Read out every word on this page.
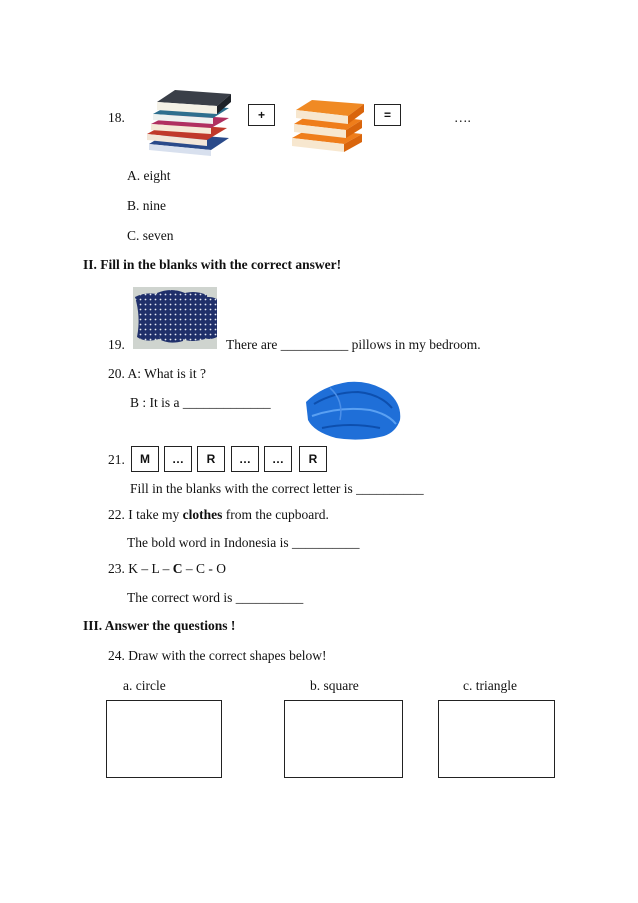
18.	+	=	….
A. eight
B. nine
C. seven
II. Fill in the blanks with the correct answer!
19.	There are __________ pillows in my bedroom.
20. A: What is it ?
B : It is a _____________
21.	M	…	R	…	…	R
Fill in the blanks with the correct letter is __________
22. I take my clothes from the cupboard.
The bold word in Indonesia is __________
23. K – L – C – C - O
The correct word is __________
III. Answer the questions !
24. Draw with the correct shapes below!
a. circle	b. square	c. triangle
